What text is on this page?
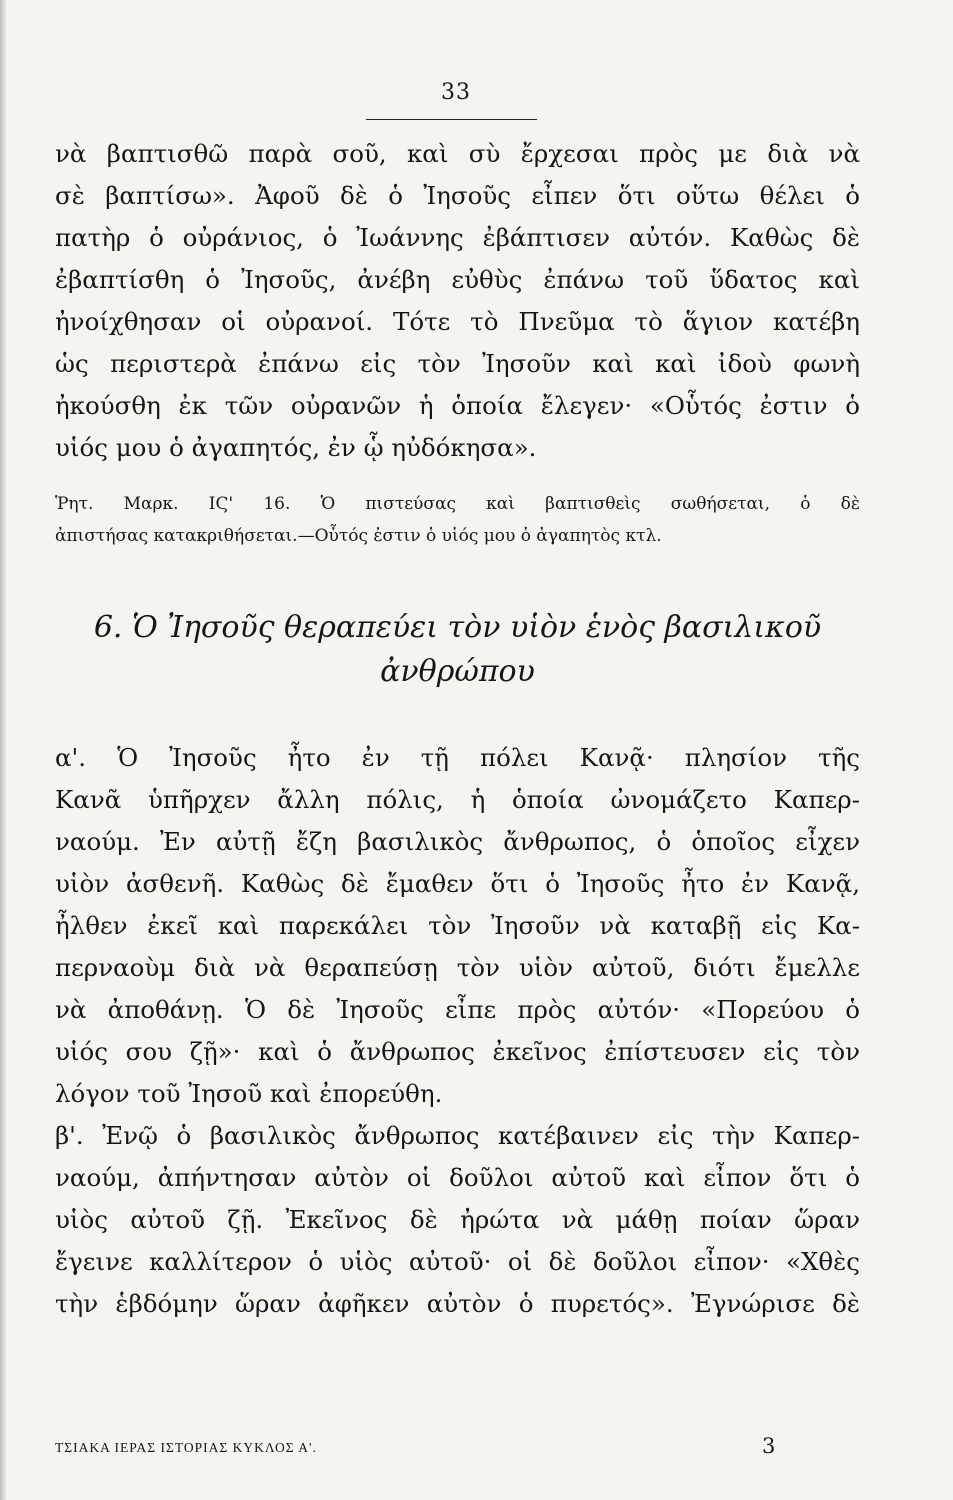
33
νὰ βαπτισθῶ παρὰ σοῦ, καὶ σὺ ἔρχεσαι πρὸς με διὰ νὰ
σὲ βαπτίσω». Ἀφοῦ δὲ ὁ Ἰησοῦς εἶπεν ὅτι οὕτω θέλει ὁ
πατὴρ ὁ οὐράνιος, ὁ Ἰωάννης ἐβάπτισεν αὐτόν. Καθὼς δὲ
ἐβαπτίσθη ὁ Ἰησοῦς, ἀνέβη εὐθὺς ἐπάνω τοῦ ὕδατος καὶ
ἠνοίχθησαν οἱ οὐρανοί. Τότε τὸ Πνεῦμα τὸ ἅγιον κατέβη
ὡς περιστερὰ ἐπάνω εἰς τὸν Ἰησοῦν καὶ καὶ ἰδοὺ φωνὴ
ἠκούσθη ἐκ τῶν οὐρανῶν ἡ ὁποία ἔλεγεν· «Οὗτός ἐστιν ὁ
υἱός μου ὁ ἀγαπητός, ἐν ᾧ ηὐδόκησα».
Ῥητ. Μαρκ. ΙϚ' 16. Ὁ πιστεύσας καὶ βαπτισθεὶς σωθήσεται, ὁ δὲ
ἀπιστήσας κατακριθήσεται.—Οὗτός ἐστιν ὁ υἱός μου ὁ ἀγαπητὸς κτλ.
6. Ὁ Ἰησοῦς θεραπεύει τὸν υἱὸν ἑνὸς βασιλικοῦ
ἀνθρώπου
α'. Ὁ Ἰησοῦς ἦτο ἐν τῇ πόλει Κανᾷ· πλησίον τῆς
Κανᾶ ὑπῆρχεν ἄλλη πόλις, ἡ ὁποία ὠνομάζετο Καπερ-
ναούμ. Ἐν αὐτῇ ἔζη βασιλικὸς ἄνθρωπος, ὁ ὁποῖος εἶχεν
υἱὸν ἀσθενῆ. Καθὼς δὲ ἔμαθεν ὅτι ὁ Ἰησοῦς ἦτο ἐν Κανᾷ,
ἦλθεν ἐκεῖ καὶ παρεκάλει τὸν Ἰησοῦν νὰ καταβῇ εἰς Κα-
περναοὺμ διὰ νὰ θεραπεύσῃ τὸν υἱὸν αὐτοῦ, διότι ἔμελλε
νὰ ἀποθάνῃ. Ὁ δὲ Ἰησοῦς εἶπε πρὸς αὐτόν· «Πορεύου ὁ
υἱός σου ζῇ»· καὶ ὁ ἄνθρωπος ἐκεῖνος ἐπίστευσεν εἰς τὸν
λόγον τοῦ Ἰησοῦ καὶ ἐπορεύθη.
β'. Ἐνῷ ὁ βασιλικὸς ἄνθρωπος κατέβαινεν εἰς τὴν Καπερ-
ναούμ, ἀπήντησαν αὐτὸν οἱ δοῦλοι αὐτοῦ καὶ εἶπον ὅτι ὁ
υἱὸς αὐτοῦ ζῇ. Ἐκεῖνος δὲ ἠρώτα νὰ μάθῃ ποίαν ὥραν
ἔγεινε καλλίτερον ὁ υἱὸς αὐτοῦ· οἱ δὲ δοῦλοι εἶπον· «Χθὲς
τὴν ἑβδόμην ὥραν ἀφῆκεν αὐτὸν ὁ πυρετός». Ἐγνώρισε δὲ
ΤΣΙΑΚΑ ΙΕΡΑΣ ΙΣΤΟΡΙΑΣ ΚΥΚΛΟΣ Α'.	3
